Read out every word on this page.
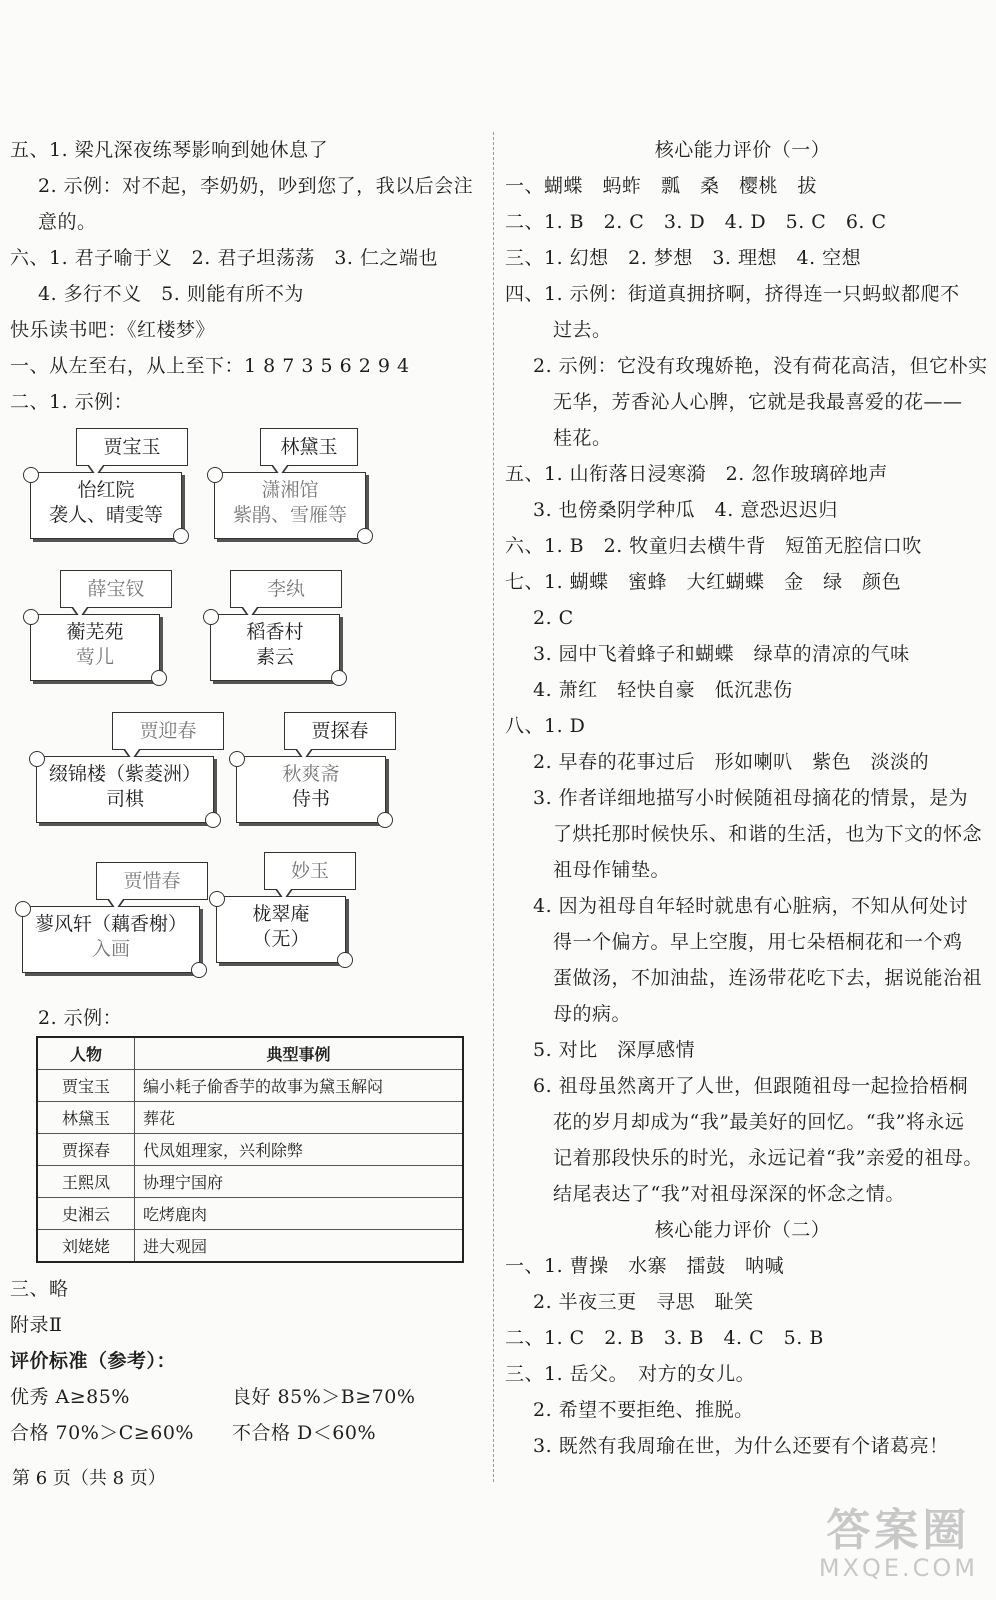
五、1. 梁凡深夜练琴影响到她休息了
2. 示例：对不起，李奶奶，吵到您了，我以后会注
意的。
六、1. 君子喻于义　2. 君子坦荡荡　3. 仁之端也
4. 多行不义　5. 则能有所不为
快乐读书吧：《红楼梦》
一、从左至右，从上至下：1 8 7 3 5 6 2 9 4
二、1. 示例：
贾宝玉
怡红院
袭人、晴雯等
林黛玉
潇湘馆
紫鹃、雪雁等
薛宝钗
蘅芜苑
莺儿
李纨
稻香村
素云
贾迎春
缀锦楼（紫菱洲）
司棋
贾探春
秋爽斋
侍书
贾惜春
蓼风轩（藕香榭）
入画
妙玉
栊翠庵
（无）
2. 示例：
人物	典型事例
贾宝玉	编小耗子偷香芋的故事为黛玉解闷
林黛玉	葬花
贾探春	代凤姐理家，兴利除弊
王熙凤	协理宁国府
史湘云	吃烤鹿肉
刘姥姥	进大观园
三、略
附录Ⅱ
评价标准（参考）：
优秀 A≥85%	良好 85%＞B≥70%
合格 70%＞C≥60% 不合格 D＜60%
核心能力评价（一）
一、蝴蝶　蚂蚱　瓢　桑　樱桃　拔
二、1. B　2. C　3. D　4. D　5. C　6. C
三、1. 幻想　2. 梦想　3. 理想　4. 空想
四、1. 示例：街道真拥挤啊，挤得连一只蚂蚁都爬不
过去。
2. 示例：它没有玫瑰娇艳，没有荷花高洁，但它朴实
无华，芳香沁人心脾，它就是我最喜爱的花——
桂花。
五、1. 山衔落日浸寒漪　2. 忽作玻璃碎地声
3. 也傍桑阴学种瓜　4. 意恐迟迟归
六、1. B　2. 牧童归去横牛背　短笛无腔信口吹
七、1. 蝴蝶　蜜蜂　大红蝴蝶　金　绿　颜色
2. C
3. 园中飞着蜂子和蝴蝶　绿草的清凉的气味
4. 萧红　轻快自豪　低沉悲伤
八、1. D
2. 早春的花事过后　形如喇叭　紫色　淡淡的
3. 作者详细地描写小时候随祖母摘花的情景，是为
了烘托那时候快乐、和谐的生活，也为下文的怀念
祖母作铺垫。
4. 因为祖母自年轻时就患有心脏病，不知从何处讨
得一个偏方。早上空腹，用七朵梧桐花和一个鸡
蛋做汤，不加油盐，连汤带花吃下去，据说能治祖
母的病。
5. 对比　深厚感情
6. 祖母虽然离开了人世，但跟随祖母一起捡拾梧桐
花的岁月却成为“我”最美好的回忆。“我”将永远
记着那段快乐的时光，永远记着“我”亲爱的祖母。
结尾表达了“我”对祖母深深的怀念之情。
核心能力评价（二）
一、1. 曹操　水寨　擂鼓　呐喊
2. 半夜三更　寻思　耻笑
二、1. C　2. B　3. B　4. C　5. B
三、1. 岳父。　对方的女儿。
2. 希望不要拒绝、推脱。
3. 既然有我周瑜在世，为什么还要有个诸葛亮！
第 6 页（共 8 页）
答案圈
MXQE.COM
